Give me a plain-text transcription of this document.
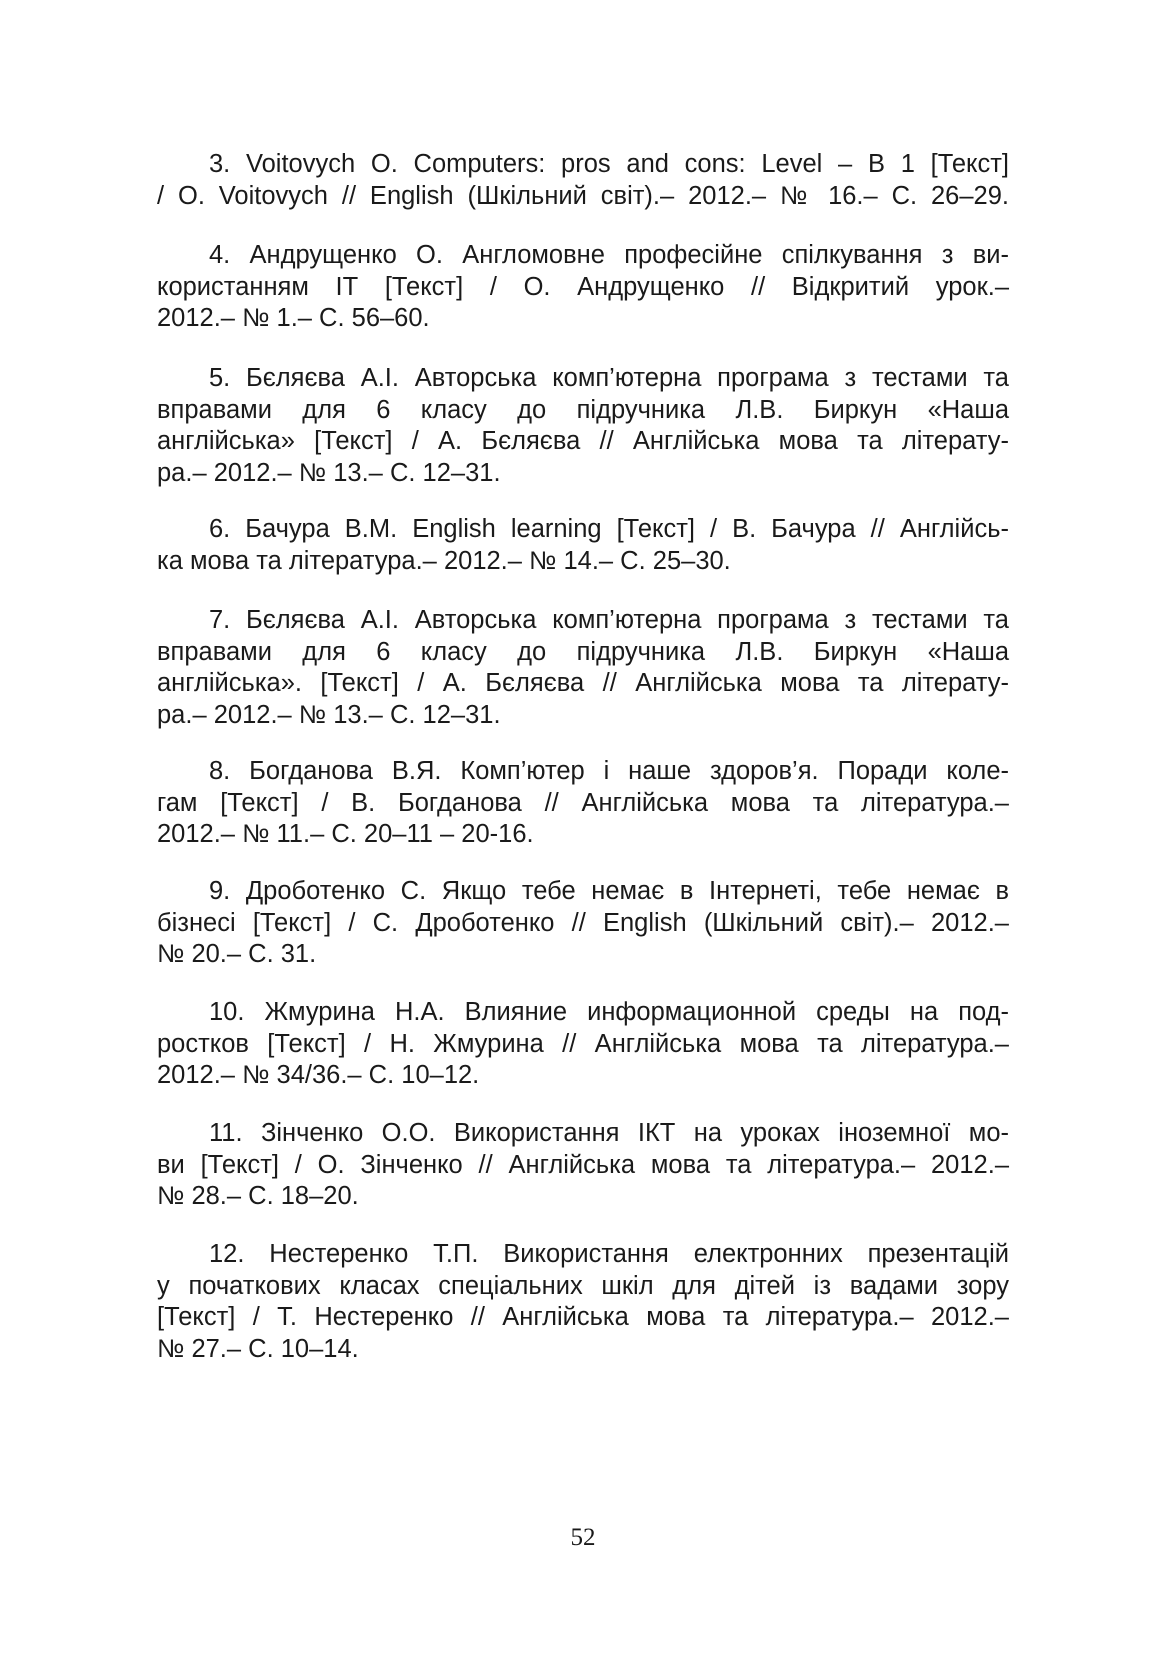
3. Voitovych O. Computers: pros and cons: Level – B 1 [Текст]
/ O. Voitovych // English (Шкільний світ).– 2012.– № 16.– С. 26–29.
4. Андрущенко О. Англомовне професійне спілкування з ви-
користанням ІТ [Текст] / О. Андрущенко // Відкритий урок.–
2012.– № 1.– С. 56–60.
5. Бєляєва А.І. Авторська комп’ютерна програма з тестами та
вправами для 6 класу до підручника Л.В. Биркун «Наша
англійська» [Текст] / А. Бєляєва // Англійська мова та літерату-
ра.– 2012.– № 13.– С. 12–31.
6. Бачура В.М. English learning [Текст] / В. Бачура // Англійсь-
ка мова та література.– 2012.– № 14.– С. 25–30.
7. Бєляєва А.І. Авторська комп’ютерна програма з тестами та
вправами для 6 класу до підручника Л.В. Биркун «Наша
англійська». [Текст] / А. Бєляєва // Англійська мова та літерату-
ра.– 2012.– № 13.– С. 12–31.
8. Богданова В.Я. Комп’ютер і наше здоров’я. Поради коле-
гам [Текст] / В. Богданова // Англійська мова та література.–
2012.– № 11.– С. 20–11 – 20-16.
9. Дроботенко С. Якщо тебе немає в Інтернеті, тебе немає в
бізнесі [Текст] / С. Дроботенко // English (Шкільний світ).– 2012.–
№ 20.– С. 31.
10. Жмурина Н.А. Влияние информационной среды на под-
ростков [Текст] / Н. Жмурина // Англійська мова та література.–
2012.– № 34/36.– С. 10–12.
11. Зінченко О.О. Використання ІКТ на уроках іноземної мо-
ви [Текст] / О. Зінченко // Англійська мова та література.– 2012.–
№ 28.– С. 18–20.
12. Нестеренко Т.П. Використання електронних презентацій
у початкових класах спеціальних шкіл для дітей із вадами зору
[Текст] / Т. Нестеренко // Англійська мова та література.– 2012.–
№ 27.– С. 10–14.
52
